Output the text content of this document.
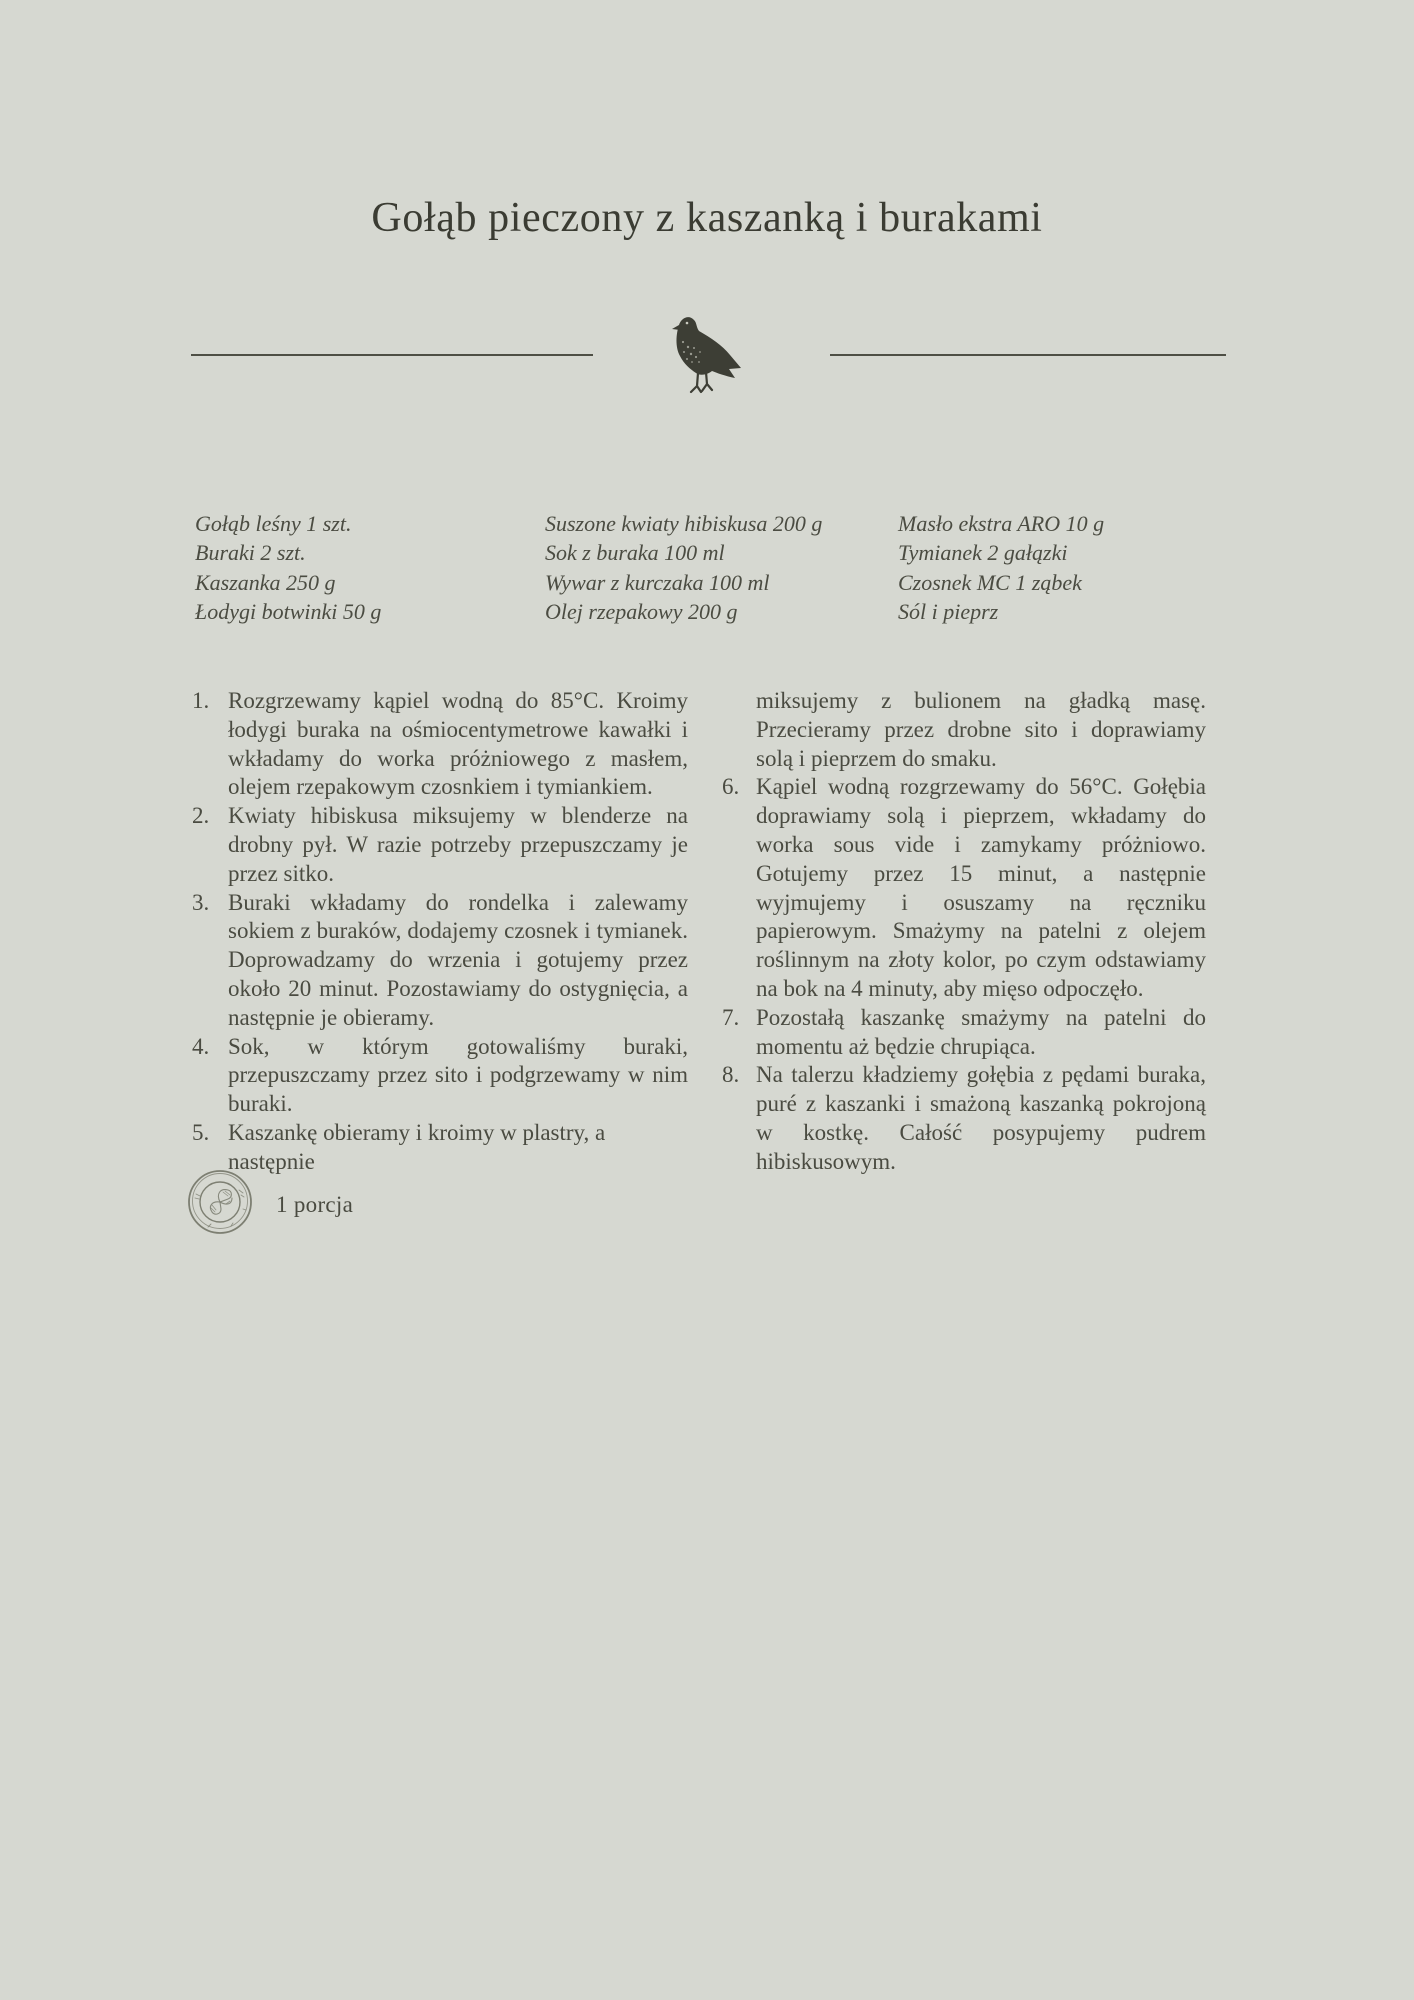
Gołąb pieczony z kaszanką i burakami

Gołąb leśny 1 szt.

Buraki 2 szt.

Kaszanka 250 g

Łodygi botwinki 50 g

Suszone kwiaty hibiskusa 200 g

Sok z buraka 100 ml

Wywar z kurczaka 100 ml

Olej rzepakowy 200 g

Masło ekstra ARO 10 g

Tymianek 2 gałązki

Czosnek MC 1 ząbek

Sól i pieprz

1. Rozgrzewamy kąpiel wodną do 85°C. Kroimy łodygi buraka na ośmiocentymetrowe kawałki i wkładamy do worka próżniowego z masłem, olejem rzepakowym czosnkiem i tymiankiem.

2. Kwiaty hibiskusa miksujemy w blenderze na drobny pył. W razie potrzeby przepuszczamy je przez sitko.

3. Buraki wkładamy do rondelka i zalewamy sokiem z buraków, dodajemy czosnek i tymianek. Doprowadzamy do wrzenia i gotujemy przez około 20 minut. Pozostawiamy do ostygnięcia, a następnie je obieramy.

4. Sok, w którym gotowaliśmy buraki, przepuszczamy przez sito i podgrzewamy w nim buraki.

5. Kaszankę obieramy i kroimy w plastry, a następnie

miksujemy z bulionem na gładką masę. Przecieramy przez drobne sito i doprawiamy solą i pieprzem do smaku.

6. Kąpiel wodną rozgrzewamy do 56°C. Gołębia doprawiamy solą i pieprzem, wkładamy do worka sous vide i zamykamy próżniowo. Gotujemy przez 15 minut, a następnie wyjmujemy i osuszamy na ręczniku papierowym. Smażymy na patelni z olejem roślinnym na złoty kolor, po czym odstawiamy na bok na 4 minuty, aby mięso odpoczęło.

7. Pozostałą kaszankę smażymy na patelni do momentu aż będzie chrupiąca.

8. Na talerzu kładziemy gołębia z pędami buraka, puré z kaszanki i smażoną kaszanką pokrojoną w kostkę. Całość posypujemy pudrem hibiskusowym.

1 porcja
